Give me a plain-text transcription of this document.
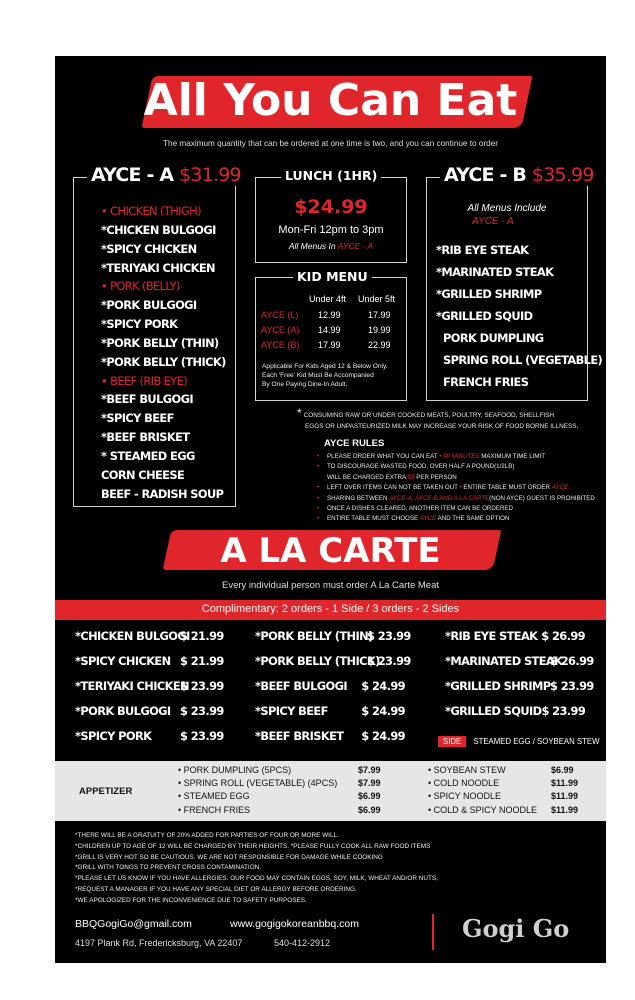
All You Can Eat
The maximum quantity that can be ordered at one time is two, and you can continue to order
AYCE - A $31.99
• CHICKEN (THIGH)
*CHICKEN BULGOGI
*SPICY CHICKEN
*TERIYAKI CHICKEN
• PORK (BELLY)
*PORK BULGOGI
*SPICY PORK
*PORK BELLY (THIN)
*PORK BELLY (THICK)
• BEEF (RIB EYE)
*BEEF BULGOGI
*SPICY BEEF
*BEEF BRISKET
* STEAMED EGG
CORN CHEESE
BEEF - RADISH SOUP
LUNCH (1HR)
$24.99
Mon-Fri 12pm to 3pm
All Menus In AYCE - A
KID MENU
Under 4ft Under 5ft
AYCE (L)	12.99	17.99
AYCE (A)	14.99	19.99
AYCE (B)	17.99	22.99
Applicable For Kids Aged 12 & Below Only.
Each 'Free' Kid Must Be Accompanied
By One Paying Dine-In Adult.
AYCE - B $35.99
All Menus Include
AYCE - A
*RIB EYE STEAK
*MARINATED STEAK
*GRILLED SHRIMP
*GRILLED SQUID
PORK DUMPLING
SPRING ROLL (VEGETABLE)
FRENCH FRIES
* CONSUMING RAW OR UNDER COOKED MEATS, POULTRY, SEAFOOD, SHELLFISH
EGGS OR UNPASTEURIZED MILK MAY INCREASE YOUR RISK OF FOOD BORNE ILLNESS.
AYCE RULES
• PLEASE ORDER WHAT YOU CAN EAT • 90 MINUTES MAXIMUM TIME LIMIT
• TO DISCOURAGE WASTED FOOD, OVER HALF A POUND(1/2LB)
WILL BE CHARGED EXTRA $5 PER PERSON
• LEFT OVER ITEMS CAN NOT BE TAKEN OUT • ENTIRE TABLE MUST ORDER AYCE
• SHARING BETWEEN AYCE-A, AYCE-B AND A LA CARTE(NON AYCE) GUEST IS PROHIBITED
• ONCE A DISHES CLEARED, ANOTHER ITEM CAN BE ORDERED
• ENTIRE TABLE MUST CHOOSE AYCE AND THE SAME OPTION
A LA CARTE
Every individual person must order A La Carte Meat
Complimentary: 2 orders - 1 Side / 3 orders - 2 Sides
*CHICKEN BULGOGI
$ 21.99
*SPICY CHICKEN $ 21.99
*TERIYAKI CHICKEN
$ 23.99
*PORK BULGOGI $ 23.99
*SPICY PORK	$ 23.99
*PORK BELLY (THIN)
$ 23.99
*PORK BELLY (THICK)
$ 23.99
*BEEF BULGOGI	$ 24.99
*SPICY BEEF	$ 24.99
*BEEF BRISKET	$ 24.99
*RIB EYE STEAK $ 26.99
*MARINATED STEAK
$ 26.99
*GRILLED SHRIMP $ 23.99
*GRILLED SQUID $ 23.99
SIDE STEAMED EGG / SOYBEAN STEW
APPETIZER
• PORK DUMPLING (5PCS)	$7.99
• SPRING ROLL (VEGETABLE) (4PCS)	$7.99
• STEAMED EGG	$6.99
• FRENCH FRIES	$6.99
• SOYBEAN STEW	$6.99
• COLD NOODLE	$11.99
• SPICY NOODLE	$11.99
• COLD & SPICY NOODLE	$11.99
*THERE WILL BE A GRATUITY OF 20% ADDED FOR PARTIES OF FOUR OR MORE WILL.
*CHILDREN UP TO AGE OF 12 WILL BE CHARGED BY THEIR HEIGHTS. *PLEASE FULLY COOK ALL RAW FOOD ITEMS
*GRILL IS VERY HOT SO BE CAUTIOUS. WE ARE NOT RESPONSIBLE FOR DAMAGE WHILE COOKING
*GRILL WITH TONGS TO PREVENT CROSS CONTAMINATION.
*PLEASE LET US KNOW IF YOU HAVE ALLERGIES. OUR FOOD MAY CONTAIN EGGS, SOY, MILK, WHEAT AND/OR NUTS,
*REQUEST A MANAGER IF YOU HAVE ANY SPECIAL DIET OR ALLERGY BEFORE ORDERING.
*WE APOLOGIZED FOR THE INCONVENIENCE DUE TO SAFETY PURPOSES.
BBQGogiGo@gmail.com	www.gogigokoreanbbq.com
4197 Plank Rd, Fredericksburg, VA 22407	540-412-2912	Gogi Go
